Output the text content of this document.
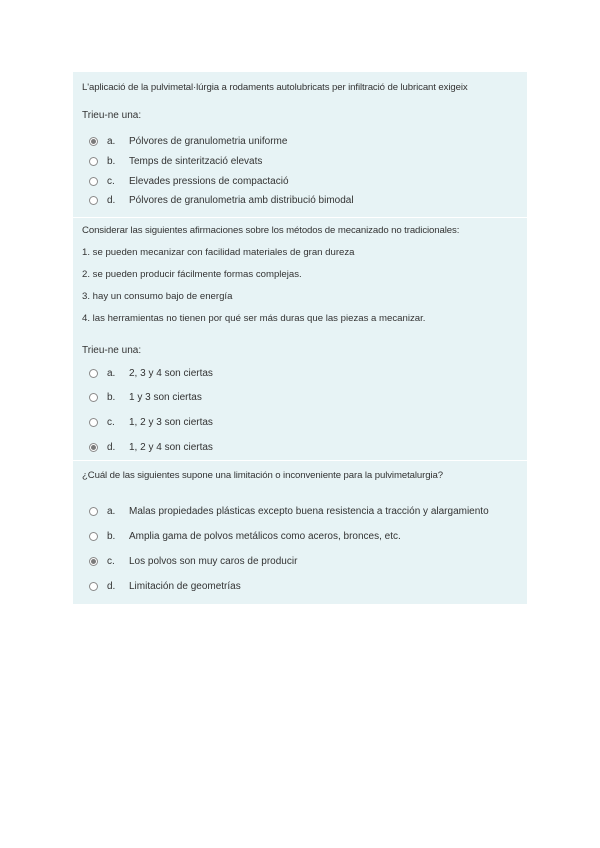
L'aplicació de la pulvimetal·lúrgia a rodaments autolubricats per infiltració de lubricant exigeix
Trieu-ne una:
a.	Pólvores de granulometria uniforme
b.	Temps de sinterització elevats
c.	Elevades pressions de compactació
d.	Pólvores de granulometria amb distribució bimodal
Considerar las siguientes afirmaciones sobre los métodos de mecanizado no tradicionales:
1. se pueden mecanizar con facilidad materiales de gran dureza
2. se pueden producir fácilmente formas complejas.
3. hay un consumo bajo de energía
4. las herramientas no tienen por qué ser más duras que las piezas a mecanizar.
Trieu-ne una:
a.	2, 3 y 4 son ciertas
b.	1 y 3 son ciertas
c.	1, 2 y 3 son ciertas
d.	1, 2 y 4 son ciertas
¿Cuál de las siguientes supone una limitación o inconveniente para la pulvimetalurgia?
a.	Malas propiedades plásticas excepto buena resistencia a tracción y alargamiento
b.	Amplia gama de polvos metálicos como aceros, bronces, etc.
c.	Los polvos son muy caros de producir
d.	Limitación de geometrías
